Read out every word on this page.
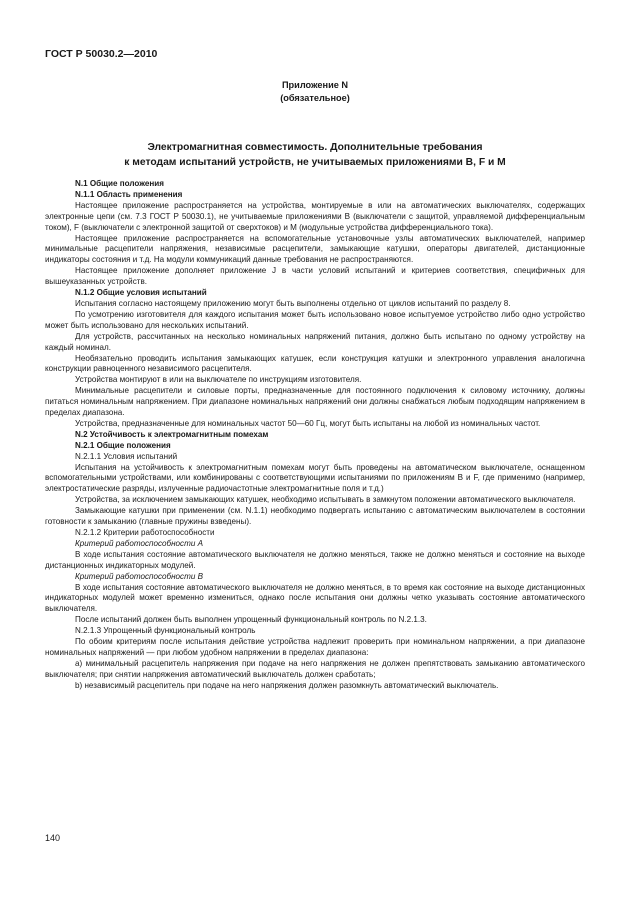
ГОСТ Р 50030.2—2010
Приложение N
(обязательное)
Электромагнитная совместимость. Дополнительные требования
к методам испытаний устройств, не учитываемых приложениями В, F и М

N.1 Общие положения

N.1.1 Область применения

Настоящее приложение распространяется на устройства, монтируемые в или на автоматических выключателях, содержащих электронные цепи (см. 7.3 ГОСТ Р 50030.1), не учитываемые приложениями В (выключатели с защитой, управляемой дифференциальным током), F (выключатели с электронной защитой от сверхтоков) и М (модульные устройства дифференциального тока).

Настоящее приложение распространяется на вспомогательные установочные узлы автоматических выключателей, например минимальные расцепители напряжения, независимые расцепители, замыкающие катушки, операторы двигателей, дистанционные индикаторы состояния и т.д. На модули коммуникаций данные требования не распространяются.

Настоящее приложение дополняет приложение J в части условий испытаний и критериев соответствия, специфичных для вышеуказанных устройств.

N.1.2 Общие условия испытаний

Испытания согласно настоящему приложению могут быть выполнены отдельно от циклов испытаний по разделу 8.

По усмотрению изготовителя для каждого испытания может быть использовано новое испытуемое устройство либо одно устройство может быть использовано для нескольких испытаний.

Для устройств, рассчитанных на несколько номинальных напряжений питания, должно быть испытано по одному устройству на каждый номинал.

Необязательно проводить испытания замыкающих катушек, если конструкция катушки и электронного управления аналогична конструкции равноценного независимого расцепителя.

Устройства монтируют в или на выключателе по инструкциям изготовителя.

Минимальные расцепители и силовые порты, предназначенные для постоянного подключения к силовому источнику, должны питаться номинальным напряжением. При диапазоне номинальных напряжений они должны снабжаться любым подходящим напряжением в пределах диапазона.

Устройства, предназначенные для номинальных частот 50—60 Гц, могут быть испытаны на любой из номинальных частот.

N.2 Устойчивость к электромагнитным помехам

N.2.1 Общие положения

N.2.1.1 Условия испытаний

Испытания на устойчивость к электромагнитным помехам могут быть проведены на автоматическом выключателе, оснащенном вспомогательными устройствами, или комбинированы с соответствующими испытаниями по приложениям В и F, где применимо (например, электростатические разряды, излученные радиочастотные электромагнитные поля и т.д.)

Устройства, за исключением замыкающих катушек, необходимо испытывать в замкнутом положении автоматического выключателя.

Замыкающие катушки при применении (см. N.1.1) необходимо подвергать испытанию с автоматическим выключателем в состоянии готовности к замыканию (главные пружины взведены).

N.2.1.2 Критерии работоспособности

Критерий работоспособности А

В ходе испытания состояние автоматического выключателя не должно меняться, также не должно меняться и состояние на выходе дистанционных индикаторных модулей.

Критерий работоспособности В

В ходе испытания состояние автоматического выключателя не должно меняться, в то время как состояние на выходе дистанционных индикаторных модулей может временно измениться, однако после испытания они должны четко указывать состояние автоматического выключателя.

После испытаний должен быть выполнен упрощенный функциональный контроль по N.2.1.3.

N.2.1.3 Упрощенный функциональный контроль

По обоим критериям после испытания действие устройства надлежит проверить при номинальном напряжении, а при диапазоне номинальных напряжений — при любом удобном напряжении в пределах диапазона:

а) минимальный расцепитель напряжения при подаче на него напряжения не должен препятствовать замыканию автоматического выключателя; при снятии напряжения автоматический выключатель должен сработать;

b) независимый расцепитель при подаче на него напряжения должен разомкнуть автоматический выключатель.

140
